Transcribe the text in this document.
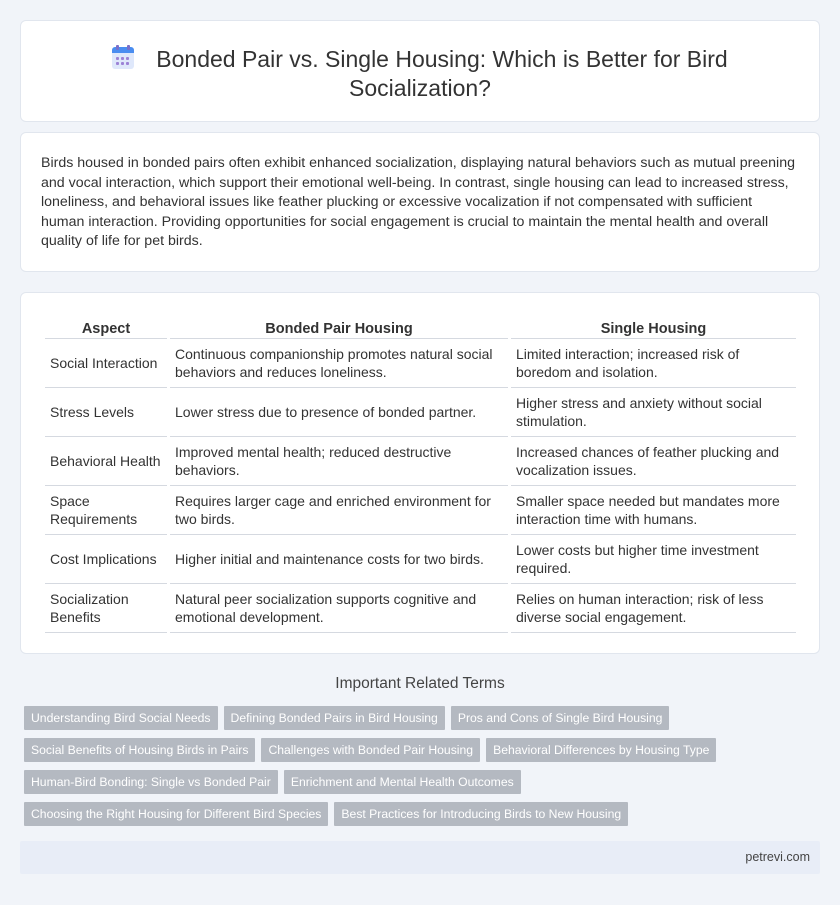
Bonded Pair vs. Single Housing: Which is Better for Bird
Socialization?

Birds housed in bonded pairs often exhibit enhanced socialization, displaying natural behaviors such as mutual preening and vocal interaction, which support their emotional well-being. In contrast, single housing can lead to increased stress, loneliness, and behavioral issues like feather plucking or excessive vocalization if not compensated with sufficient human interaction. Providing opportunities for social engagement is crucial to maintain the mental health and overall quality of life for pet birds.

Aspect	Bonded Pair Housing	Single Housing
Social Interaction	Continuous companionship promotes natural social behaviors and reduces loneliness.	Limited interaction; increased risk of boredom and isolation.
Stress Levels	Lower stress due to presence of bonded partner.	Higher stress and anxiety without social stimulation.
Behavioral Health	Improved mental health; reduced destructive behaviors.	Increased chances of feather plucking and vocalization issues.
Space Requirements	Requires larger cage and enriched environment for two birds.	Smaller space needed but mandates more interaction time with humans.
Cost Implications	Higher initial and maintenance costs for two birds.	Lower costs but higher time investment required.
Socialization Benefits	Natural peer socialization supports cognitive and emotional development.	Relies on human interaction; risk of less diverse social engagement.
Important Related Terms
Understanding Bird Social Needs Defining Bonded Pairs in Bird Housing Pros and Cons of Single Bird Housing
Social Benefits of Housing Birds in Pairs Challenges with Bonded Pair Housing Behavioral Differences by Housing Type
Human-Bird Bonding: Single vs Bonded Pair Enrichment and Mental Health Outcomes
Choosing the Right Housing for Different Bird Species Best Practices for Introducing Birds to New Housing
petrevi.com
